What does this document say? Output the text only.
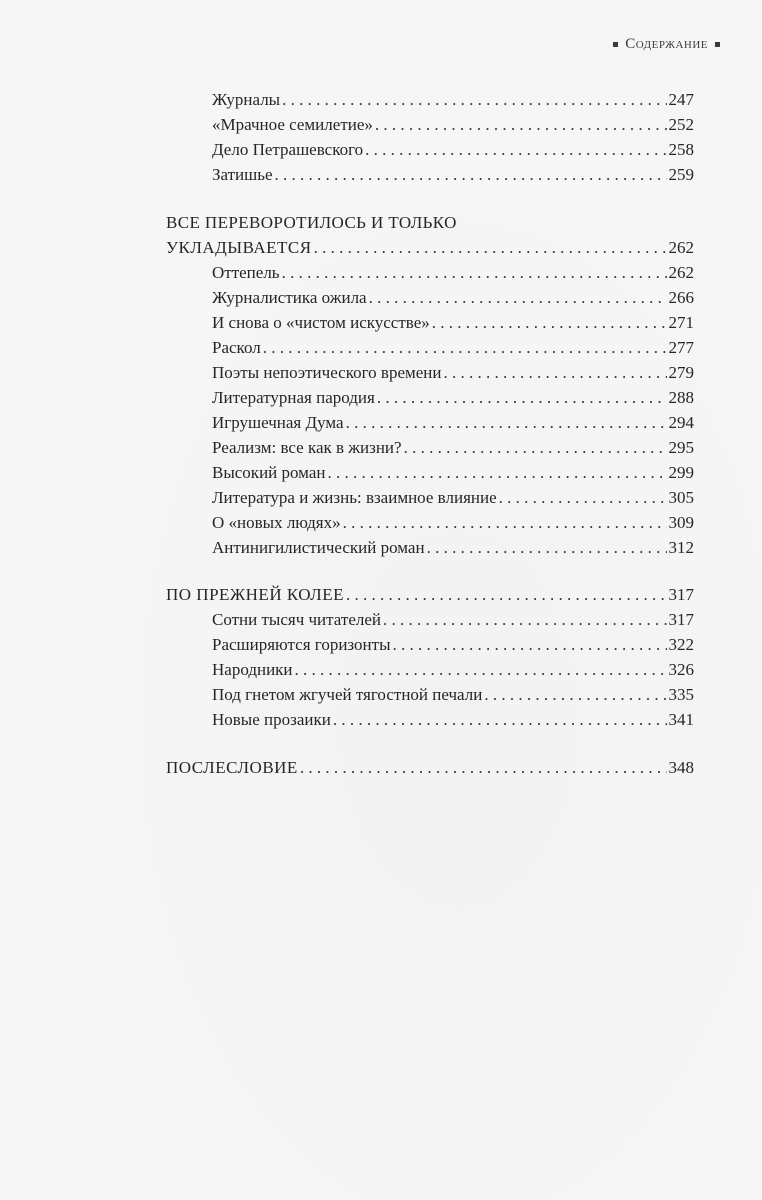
Содержание
Журналы . . .	247
«Мрачное семилетие» . . .	252
Дело Петрашевского . . .	258
Затишье . . .	259
ВСЕ ПЕРЕВОРОТИЛОСЬ И ТОЛЬКО
УКЛАДЫВАЕТСЯ . . .	262
Оттепель . . .	262
Журналистика ожила . . .	266
И снова о «чистом искусстве» . . .	271
Раскол . . .	277
Поэты непоэтического времени . . .	279
Литературная пародия . . .	288
Игрушечная Дума . . .	294
Реализм: все как в жизни? . . .	295
Высокий роман . . .	299
Литература и жизнь: взаимное влияние . . .	305
О «новых людях» . . .	309
Антинигилистический роман . . .	312
ПО ПРЕЖНЕЙ КОЛЕЕ . . .	317
Сотни тысяч читателей . . .	317
Расширяются горизонты . . .	322
Народники . . .	326
Под гнетом жгучей тягостной печали . . .	335
Новые прозаики . . .	341
ПОСЛЕСЛОВИЕ . . .	348
